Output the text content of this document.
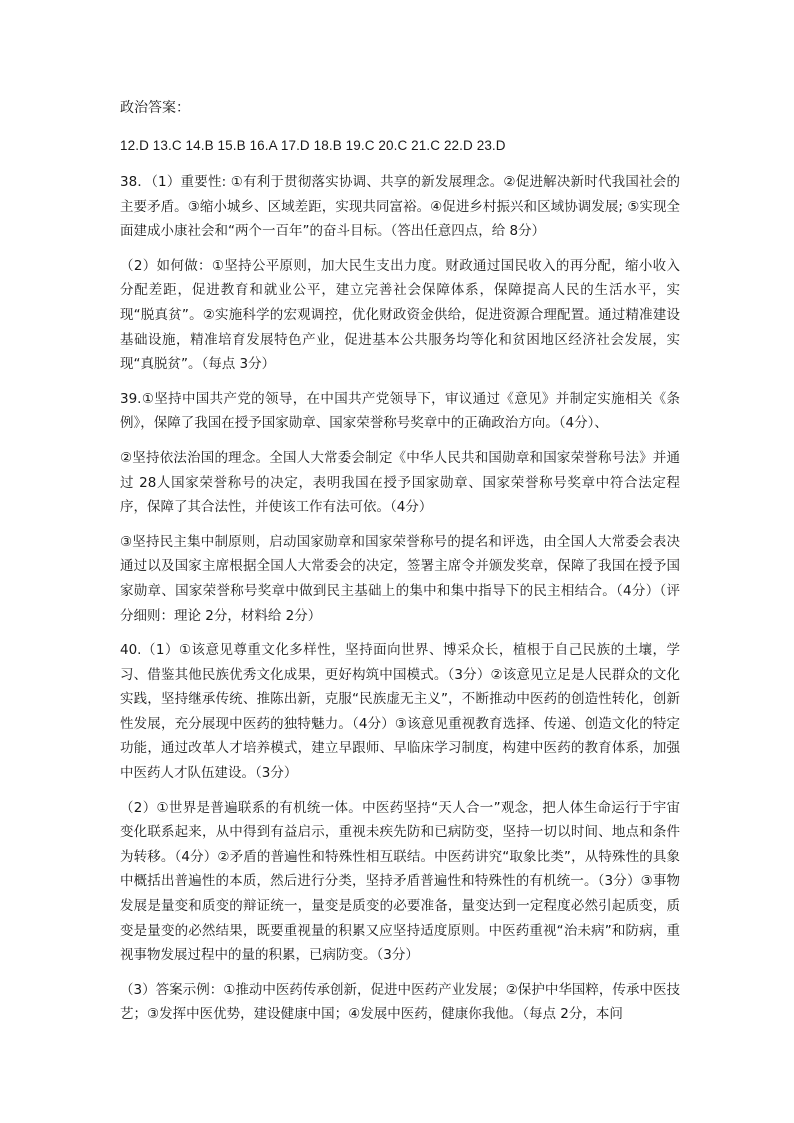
政治答案：

12.D 13.C 14.B 15.B 16.A 17.D 18.B 19.C 20.C 21.C 22.D 23.D

38．（1）重要性: ①有利于贯彻落实协调、共享的新发展理念。②促进解决新时代我国社会的主要矛盾。③缩小城乡、区域差距，实现共同富裕。④促进乡村振兴和区域协调发展; ⑤实现全面建成小康社会和“两个一百年”的奋斗目标。（答出任意四点，给 8分）

（2）如何做：①坚持公平原则，加大民生支出力度。财政通过国民收入的再分配，缩小收入分配差距，促进教育和就业公平，建立完善社会保障体系，保障提高人民的生活水平，实现“脱真贫”。②实施科学的宏观调控，优化财政资金供给，促进资源合理配置。通过精准建设基础设施，精准培育发展特色产业，促进基本公共服务均等化和贫困地区经济社会发展，实现“真脱贫”。（每点 3分）

39.①坚持中国共产党的领导，在中国共产党领导下，审议通过《意见》并制定实施相关《条例》，保障了我国在授予国家勋章、国家荣誉称号奖章中的正确政治方向。（4分）、

②坚持依法治国的理念。全国人大常委会制定《中华人民共和国勋章和国家荣誉称号法》并通过 28人国家荣誉称号的决定，表明我国在授予国家勋章、国家荣誉称号奖章中符合法定程序，保障了其合法性，并使该工作有法可依。（4分）

③坚持民主集中制原则，启动国家勋章和国家荣誉称号的提名和评选，由全国人大常委会表决通过以及国家主席根据全国人大常委会的决定，签署主席令并颁发奖章，保障了我国在授予国家勋章、国家荣誉称号奖章中做到民主基础上的集中和集中指导下的民主相结合。（4分）（评分细则：理论 2分，材料给 2分）

40.（1）①该意见尊重文化多样性，坚持面向世界、博采众长，植根于自己民族的土壤，学习、借鉴其他民族优秀文化成果，更好构筑中国模式。（3分）②该意见立足是人民群众的文化实践，坚持继承传统、推陈出新，克服“民族虚无主义”，不断推动中医药的创造性转化，创新性发展，充分展现中医药的独特魅力。（4分）③该意见重视教育选择、传递、创造文化的特定功能，通过改革人才培养模式，建立早跟师、早临床学习制度，构建中医药的教育体系，加强中医药人才队伍建设。（3分）

（2）①世界是普遍联系的有机统一体。中医药坚持“天人合一”观念，把人体生命运行于宇宙变化联系起来，从中得到有益启示，重视未疾先防和已病防变，坚持一切以时间、地点和条件为转移。（4分）②矛盾的普遍性和特殊性相互联结。中医药讲究“取象比类”，从特殊性的具象中概括出普遍性的本质，然后进行分类，坚持矛盾普遍性和特殊性的有机统一。（3分）③事物发展是量变和质变的辩证统一，量变是质变的必要准备，量变达到一定程度必然引起质变，质变是量变的必然结果，既要重视量的积累又应坚持适度原则。中医药重视“治未病”和防病，重视事物发展过程中的量的积累，已病防变。（3分）

（3）答案示例：①推动中医药传承创新，促进中医药产业发展；②保护中华国粹，传承中医技艺；③发挥中医优势，建设健康中国；④发展中医药，健康你我他。（每点 2分，本问
